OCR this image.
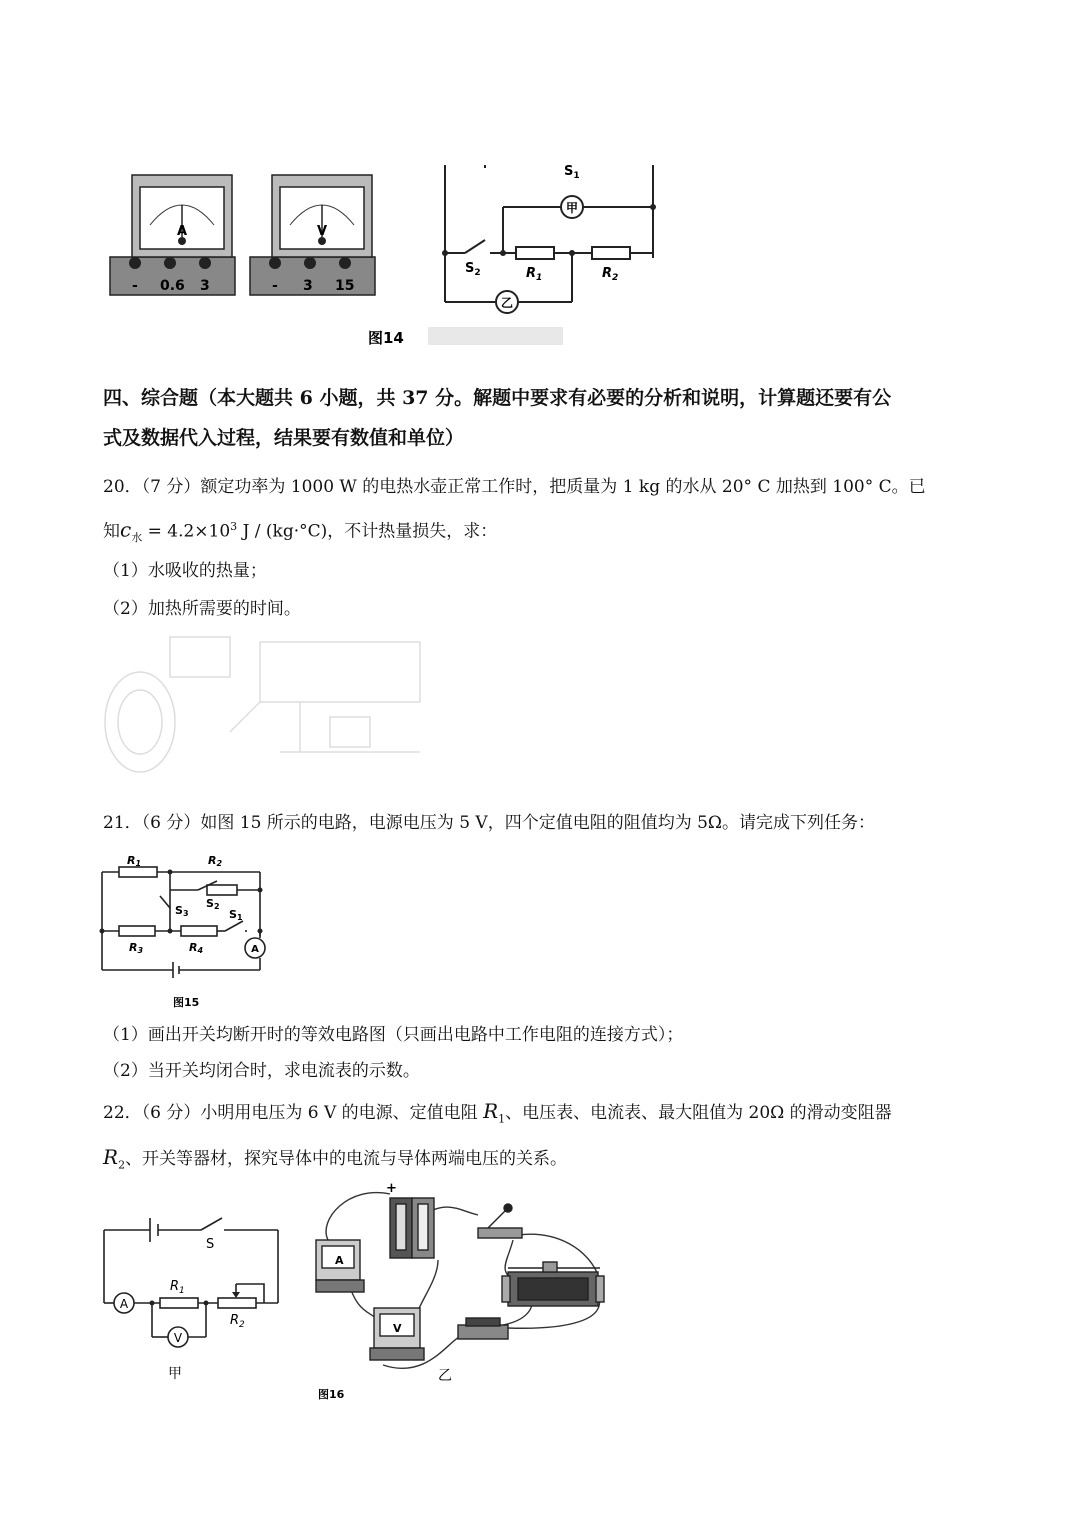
A
- 0.6 3
V
- 3 15
$S_1$
甲
$S_2$	$R_1$	$R_2$
乙
图14
四、综合题（本大题共 6 小题，共 37 分。解题中要求有必要的分析和说明，计算题还要有公
式及数据代入过程，结果要有数值和单位）
20．（7 分）额定功率为 1000 W 的电热水壶正常工作时，把质量为 1 kg 的水从 20° C 加热到 100° C。已
知$c_水 = 4.2\times 10^3$ J / (kg·°C)，不计热量损失，求：
（1）水吸收的热量；
（2）加热所需要的时间。
21．（6 分）如图 15 所示的电路，电源电压为 5 V，四个定值电阻的阻值均为 5Ω。请完成下列任务：
R1	R2
S3
S2
S1
R3	R4	A
图15
（1）画出开关均断开时的等效电路图（只画出电路中工作电阻的连接方式）；
（2）当开关均闭合时，求电流表的示数。
22．（6 分）小明用电压为 6 V 的电源、定值电阻 $R_1$、电压表、电流表、最大阻值为 20Ω 的滑动变阻器
$R_2$、开关等器材，探究导体中的电流与导体两端电压的关系。
S
$R_1$
$R_2$
A
V
甲
+
A
V
图16
乙
